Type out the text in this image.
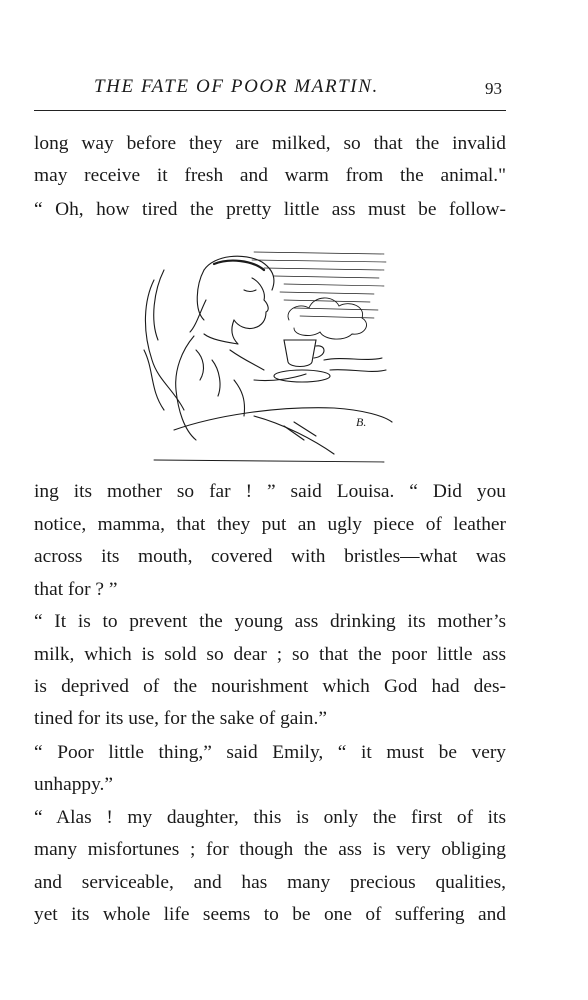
THE FATE OF POOR MARTIN.	93
long way before they are milked, so that the invalid
may receive it fresh and warm from the animal."
“ Oh, how tired the pretty little ass must be follow-
B.
ing its mother so far ! ” said Louisa. “ Did you
notice, mamma, that they put an ugly piece of leather
across its mouth, covered with bristles—what was
that for ? ”
“ It is to prevent the young ass drinking its mother’s
milk, which is sold so dear ; so that the poor little ass
is deprived of the nourishment which God had des-
tined for its use, for the sake of gain.”
“ Poor little thing,” said Emily, “ it must be very
unhappy.”
“ Alas ! my daughter, this is only the first of its
many misfortunes ; for though the ass is very obliging
and serviceable, and has many precious qualities,
yet its whole life seems to be one of suffering and
